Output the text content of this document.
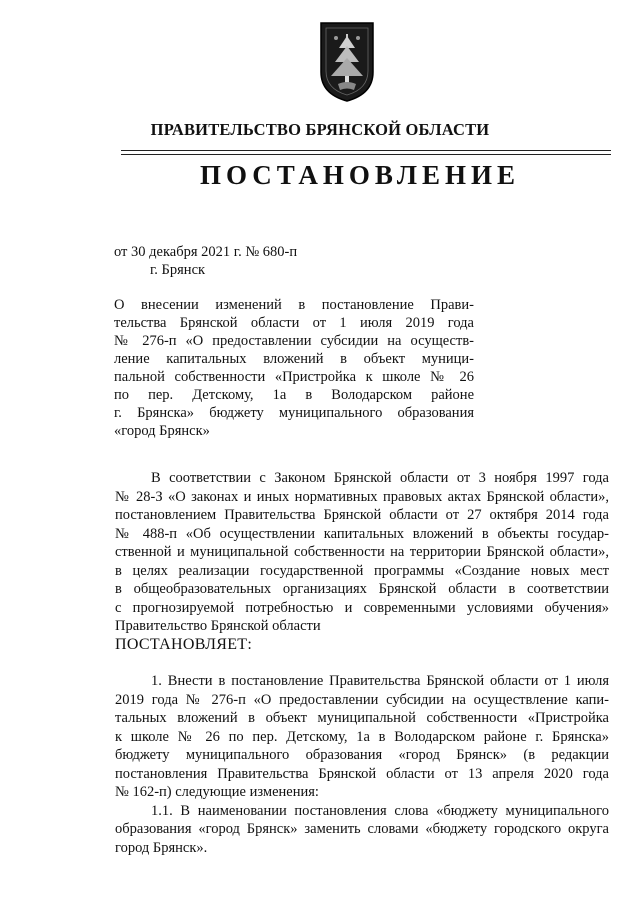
ПРАВИТЕЛЬСТВО БРЯНСКОЙ ОБЛАСТИ
ПОСТАНОВЛЕНИЕ
от 30 декабря 2021 г. № 680-п
г. Брянск
О внесении изменений в постановление Прави-
тельства Брянской области от 1 июля 2019 года
№ 276-п «О предоставлении субсидии на осуществ-
ление капитальных вложений в объект муници-
пальной собственности «Пристройка к школе № 26
по пер. Детскому, 1а в Володарском районе
г. Брянска» бюджету муниципального образования
«город Брянск»
В соответствии с Законом Брянской области от 3 ноября 1997 года
№ 28-З «О законах и иных нормативных правовых актах Брянской области»,
постановлением Правительства Брянской области от 27 октября 2014 года
№ 488-п «Об осуществлении капитальных вложений в объекты государ-
ственной и муниципальной собственности на территории Брянской области»,
в целях реализации государственной программы «Создание новых мест
в общеобразовательных организациях Брянской области в соответствии
с прогнозируемой потребностью и современными условиями обучения»
Правительство Брянской области
ПОСТАНОВЛЯЕТ:
1. Внести в постановление Правительства Брянской области от 1 июля
2019 года № 276-п «О предоставлении субсидии на осуществление капи-
тальных вложений в объект муниципальной собственности «Пристройка
к школе № 26 по пер. Детскому, 1а в Володарском районе г. Брянска»
бюджету муниципального образования «город Брянск» (в редакции
постановления Правительства Брянской области от 13 апреля 2020 года
№ 162-п) следующие изменения:
1.1. В наименовании постановления слова «бюджету муниципального
образования «город Брянск» заменить словами «бюджету городского округа
город Брянск».
